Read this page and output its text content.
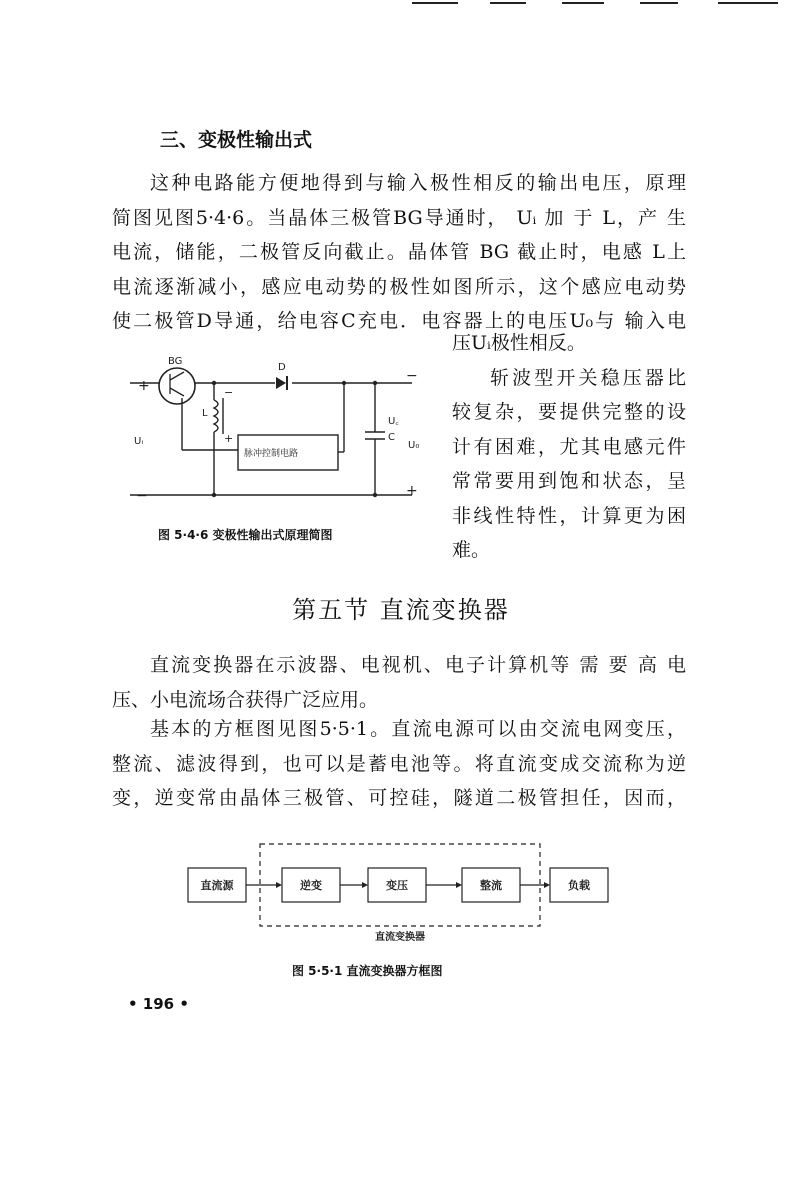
三、变极性输出式

这种电路能方便地得到与输入极性相反的输出电压，原理
简图见图5·4·6。当晶体三极管BG导通时， Uᵢ 加 于 L，产 生
电流，储能，二极管反向截止。晶体管 BG 截止时，电感 L上
电流逐渐减小，感应电动势的极性如图所示，这个感应电动势
使二极管D导通，给电容C充电．电容器上的电压U₀与 输入电

压Uᵢ极性相反。
斩波型开关稳压器比
较复杂，要提供完整的设
计有困难，尤其电感元件
常常要用到饱和状态，呈
非线性特性，计算更为困
难。

BG
D
L
Uᵢ	U₀
C
U꜀
脉冲控制电路
+
−
−
+
−
+
图 5·4·6 变极性输出式原理简图
第五节 直流变换器

直流变换器在示波器、电视机、电子计算机等 需 要 高 电
压、小电流场合获得广泛应用。

基本的方框图见图5·5·1。直流电源可以由交流电网变压，
整流、滤波得到，也可以是蓄电池等。将直流变成交流称为逆
变，逆变常由晶体三极管、可控硅，隧道二极管担任，因而，

直流源	逆变	变压	整流	负载
直流变换器
图 5·5·1 直流变换器方框图
• 196 •
